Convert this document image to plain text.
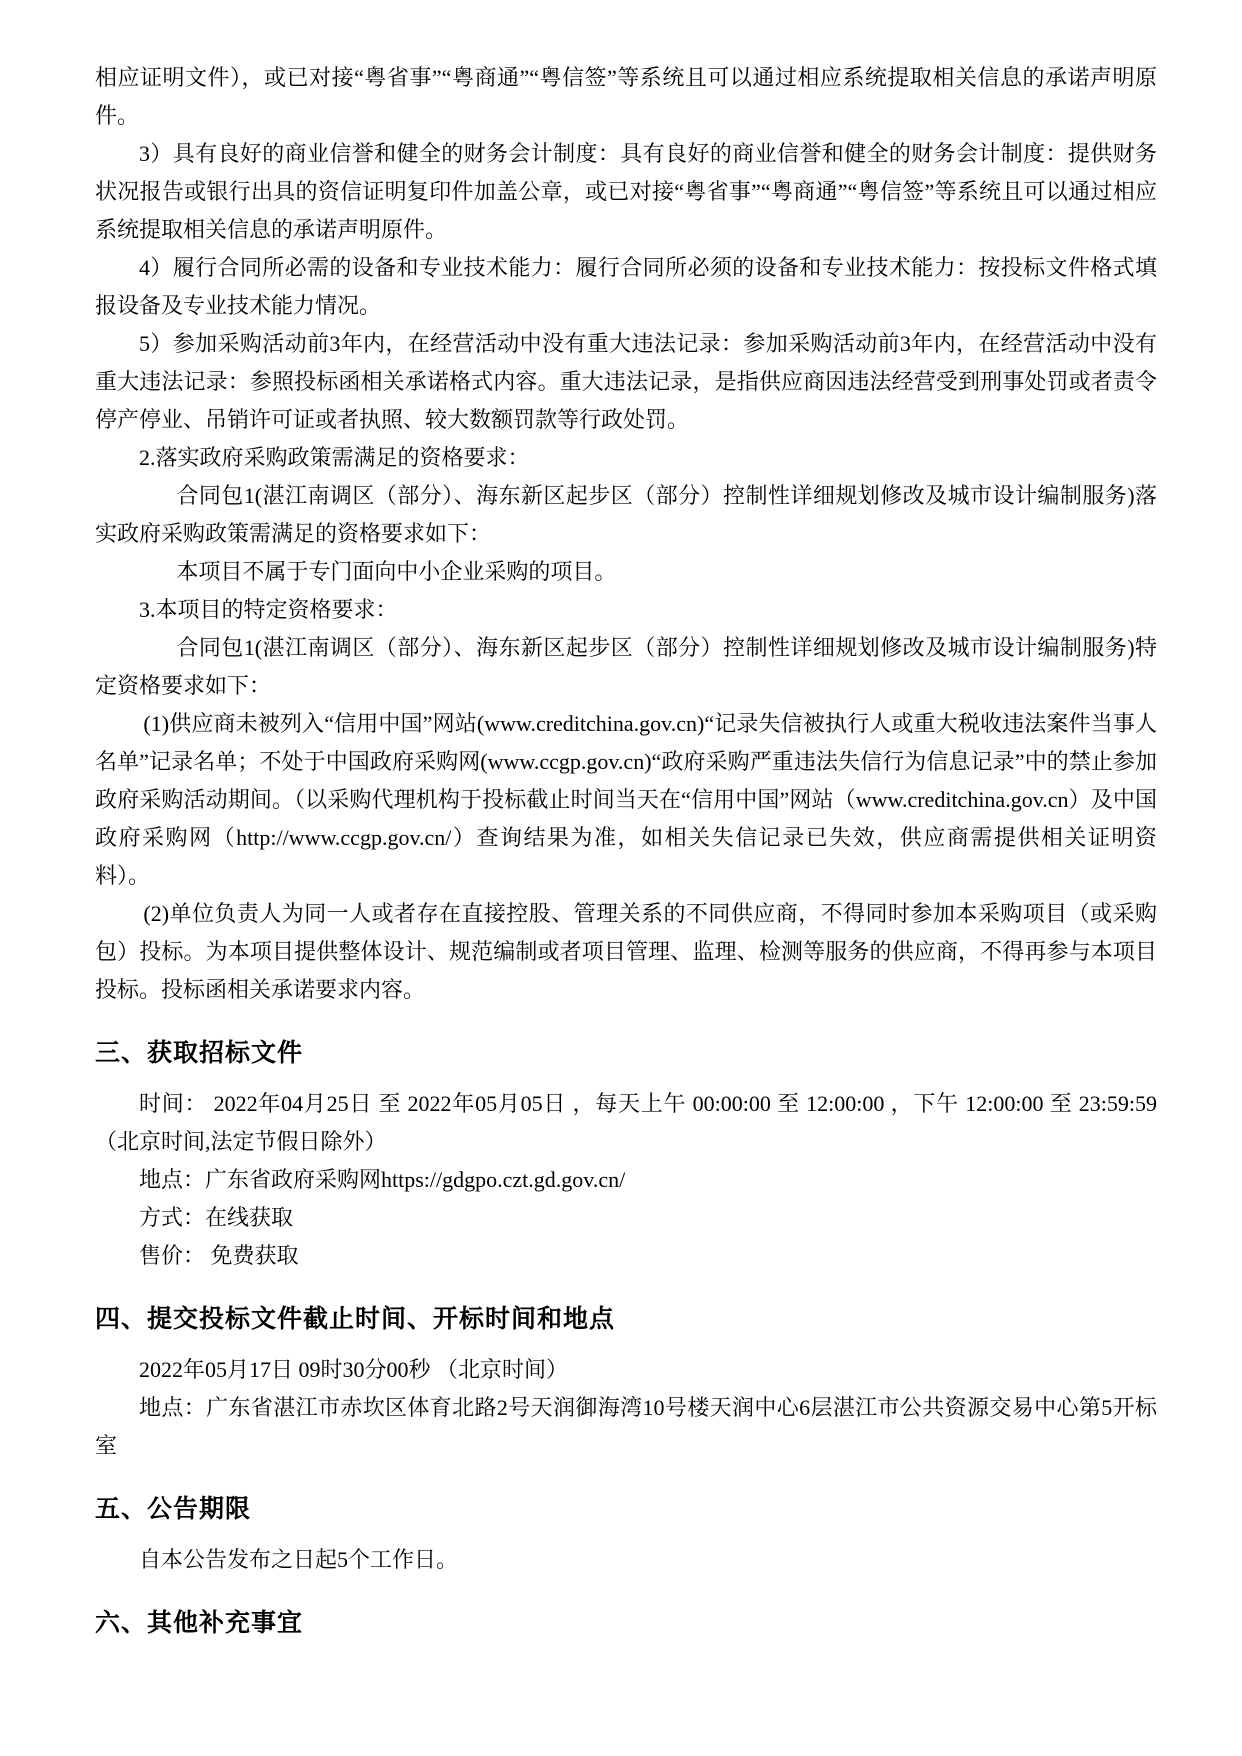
相应证明文件），或已对接“粤省事”“粤商通”“粤信签”等系统且可以通过相应系统提取相关信息的承诺声明原件。

3）具有良好的商业信誉和健全的财务会计制度：具有良好的商业信誉和健全的财务会计制度：提供财务状况报告或银行出具的资信证明复印件加盖公章，或已对接“粤省事”“粤商通”“粤信签”等系统且可以通过相应系统提取相关信息的承诺声明原件。

4）履行合同所必需的设备和专业技术能力：履行合同所必须的设备和专业技术能力：按投标文件格式填报设备及专业技术能力情况。

5）参加采购活动前3年内，在经营活动中没有重大违法记录：参加采购活动前3年内，在经营活动中没有重大违法记录：参照投标函相关承诺格式内容。重大违法记录，是指供应商因违法经营受到刑事处罚或者责令停产停业、吊销许可证或者执照、较大数额罚款等行政处罚。

2.落实政府采购政策需满足的资格要求：

合同包1(湛江南调区（部分）、海东新区起步区（部分）控制性详细规划修改及城市设计编制服务)落实政府采购政策需满足的资格要求如下：

本项目不属于专门面向中小企业采购的项目。

3.本项目的特定资格要求：

合同包1(湛江南调区（部分）、海东新区起步区（部分）控制性详细规划修改及城市设计编制服务)特定资格要求如下：

(1)供应商未被列入“信用中国”网站(www.creditchina.gov.cn)“记录失信被执行人或重大税收违法案件当事人名单”记录名单；不处于中国政府采购网(www.ccgp.gov.cn)“政府采购严重违法失信行为信息记录”中的禁止参加政府采购活动期间。（以采购代理机构于投标截止时间当天在“信用中国”网站（www.creditchina.gov.cn）及中国政府采购网（http://www.ccgp.gov.cn/）查询结果为准，如相关失信记录已失效，供应商需提供相关证明资料）。

(2)单位负责人为同一人或者存在直接控股、管理关系的不同供应商，不得同时参加本采购项目（或采购包）投标。为本项目提供整体设计、规范编制或者项目管理、监理、检测等服务的供应商，不得再参与本项目投标。投标函相关承诺要求内容。

三、获取招标文件

时间： 2022年04月25日 至 2022年05月05日 ，每天上午 00:00:00 至 12:00:00 ，下午 12:00:00 至 23:59:59 （北京时间,法定节假日除外）

地点：广东省政府采购网https://gdgpo.czt.gd.gov.cn/

方式：在线获取

售价： 免费获取

四、提交投标文件截止时间、开标时间和地点

2022年05月17日 09时30分00秒 （北京时间）

地点：广东省湛江市赤坎区体育北路2号天润御海湾10号楼天润中心6层湛江市公共资源交易中心第5开标室

五、公告期限

自本公告发布之日起5个工作日。

六、其他补充事宜
